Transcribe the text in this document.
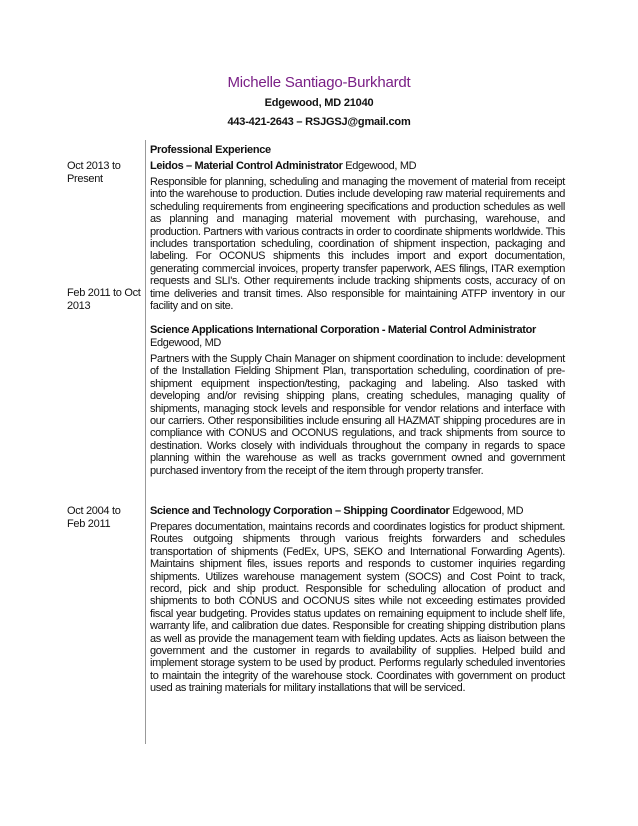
Michelle Santiago-Burkhardt
Edgewood, MD 21040
443-421-2643 – RSJGSJ@gmail.com
Professional Experience
Oct 2013 to Present
Feb 2011 to Oct 2013
Oct 2004 to Feb 2011
Leidos – Material Control Administrator Edgewood, MD

Responsible for planning, scheduling and managing the movement of material from receipt into the warehouse to production. Duties include developing raw material requirements and scheduling requirements from engineering specifications and production schedules as well as planning and managing material movement with purchasing, warehouse, and production. Partners with various contracts in order to coordinate shipments worldwide. This includes transportation scheduling, coordination of shipment inspection, packaging and labeling. For OCONUS shipments this includes import and export documentation, generating commercial invoices, property transfer paperwork, AES filings, ITAR exemption requests and SLI's. Other requirements include tracking shipments costs, accuracy of on time deliveries and transit times. Also responsible for maintaining ATFP inventory in our facility and on site.

Science Applications International Corporation - Material Control Administrator Edgewood, MD

Partners with the Supply Chain Manager on shipment coordination to include: development of the Installation Fielding Shipment Plan, transportation scheduling, coordination of pre-shipment equipment inspection/testing, packaging and labeling. Also tasked with developing and/or revising shipping plans, creating schedules, managing quality of shipments, managing stock levels and responsible for vendor relations and interface with our carriers. Other responsibilities include ensuring all HAZMAT shipping procedures are in compliance with CONUS and OCONUS regulations, and track shipments from source to destination. Works closely with individuals throughout the company in regards to space planning within the warehouse as well as tracks government owned and government purchased inventory from the receipt of the item through property transfer.

Science and Technology Corporation – Shipping Coordinator Edgewood, MD

Prepares documentation, maintains records and coordinates logistics for product shipment. Routes outgoing shipments through various freights forwarders and schedules transportation of shipments (FedEx, UPS, SEKO and International Forwarding Agents). Maintains shipment files, issues reports and responds to customer inquiries regarding shipments. Utilizes warehouse management system (SOCS) and Cost Point to track, record, pick and ship product. Responsible for scheduling allocation of product and shipments to both CONUS and OCONUS sites while not exceeding estimates provided fiscal year budgeting. Provides status updates on remaining equipment to include shelf life, warranty life, and calibration due dates. Responsible for creating shipping distribution plans as well as provide the management team with fielding updates. Acts as liaison between the government and the customer in regards to availability of supplies. Helped build and implement storage system to be used by product. Performs regularly scheduled inventories to maintain the integrity of the warehouse stock. Coordinates with government on product used as training materials for military installations that will be serviced.
